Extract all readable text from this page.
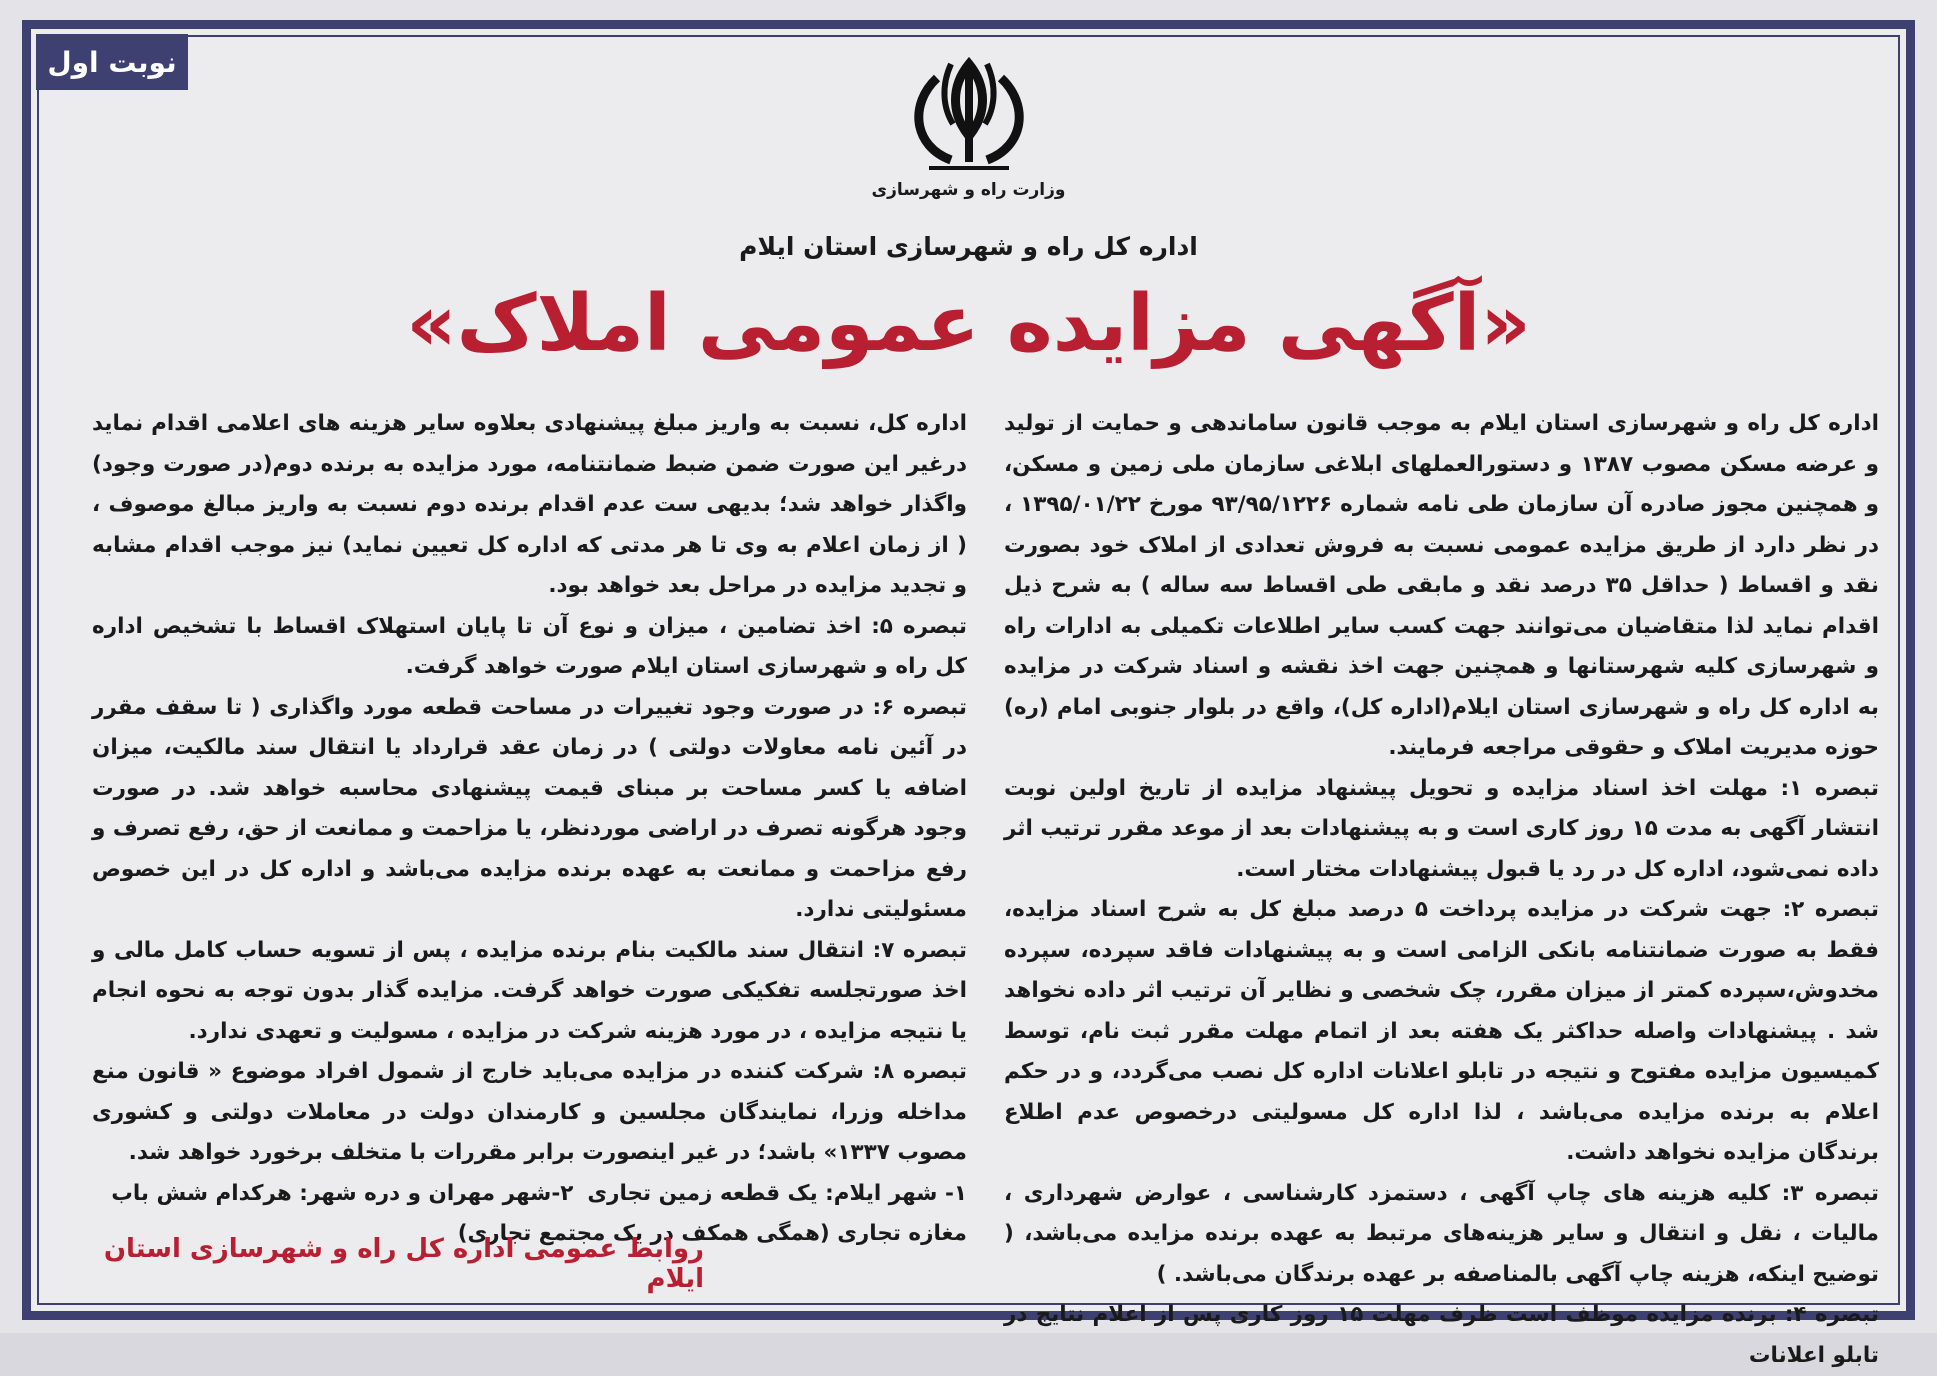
نوبت اول
وزارت راه و شهرسازی
اداره کل راه و شهرسازی استان ایلام
«آگهی مزایده عمومی املاک»

اداره کل راه و شهرسازی استان ایلام به موجب قانون ساماندهی و حمایت از تولید و عرضه مسکن مصوب ۱۳۸۷ و دستورالعملهای ابلاغی سازمان ملی زمین و مسکن، و همچنین مجوز صادره آن سازمان طی نامه شماره ۹۳/۹۵/۱۲۲۶ مورخ ۱۳۹۵/۰۱/۲۲ ، در نظر دارد از طریق مزایده عمومی نسبت به فروش تعدادی از املاک خود بصورت نقد و اقساط ( حداقل ۳۵ درصد نقد و مابقی طی اقساط سه ساله ) به شرح ذیل اقدام نماید لذا متقاضیان می‌توانند جهت کسب سایر اطلاعات تکمیلی به ادارات راه و شهرسازی کلیه شهرستانها و همچنین جهت اخذ نقشه و اسناد شرکت در مزایده به اداره کل راه و شهرسازی استان ایلام(اداره کل)، واقع در بلوار جنوبی امام (ره) حوزه مدیریت املاک و حقوقی مراجعه فرمایند.

تبصره ۱: مهلت اخذ اسناد مزایده و تحویل پیشنهاد مزایده از تاریخ اولین نوبت انتشار آگهی به مدت ۱۵ روز کاری است و به پیشنهادات بعد از موعد مقرر ترتیب اثر داده نمی‌شود، اداره کل در رد یا قبول پیشنهادات مختار است.

تبصره ۲: جهت شرکت در مزایده پرداخت ۵ درصد مبلغ کل به شرح اسناد مزایده، فقط به صورت ضمانتنامه بانکی الزامی است و به پیشنهادات فاقد سپرده، سپرده مخدوش،سپرده کمتر از میزان مقرر، چک شخصی و نظایر آن ترتیب اثر داده نخواهد شد . پیشنهادات واصله حداکثر یک هفته بعد از اتمام مهلت مقرر ثبت نام، توسط کمیسیون مزایده مفتوح و نتیجه در تابلو اعلانات اداره کل نصب می‌گردد، و در حکم اعلام به برنده مزایده می‌باشد ، لذا اداره کل مسولیتی درخصوص عدم اطلاع برندگان مزایده نخواهد داشت.

تبصره ۳: کلیه هزینه های چاپ آگهی ، دستمزد کارشناسی ، عوارض شهرداری ، مالیات ، نقل و انتقال و سایر هزینه‌های مرتبط به عهده برنده مزایده می‌باشد، ( توضیح اینکه، هزینه چاپ آگهی بالمناصفه بر عهده برندگان می‌باشد. )

تبصره ۴: برنده مزایده موظف است ظرف مهلت ۱۵ روز کاری پس از اعلام نتایج در تابلو اعلانات

اداره کل، نسبت به واریز مبلغ پیشنهادی بعلاوه سایر هزینه های اعلامی اقدام نماید درغیر این صورت ضمن ضبط ضمانتنامه، مورد مزایده به برنده دوم(در صورت وجود) واگذار خواهد شد؛ بدیهی ست عدم اقدام برنده دوم نسبت به واریز مبالغ موصوف ، ( از زمان اعلام به وی تا هر مدتی که اداره کل تعیین نماید) نیز موجب اقدام مشابه و تجدید مزایده در مراحل بعد خواهد بود.

تبصره ۵: اخذ تضامین ، میزان و نوع آن تا پایان استهلاک اقساط با تشخیص اداره کل راه و شهرسازی استان ایلام صورت خواهد گرفت.

تبصره ۶: در صورت وجود تغییرات در مساحت قطعه مورد واگذاری ( تا سقف مقرر در آئین نامه معاولات دولتی ) در زمان عقد قرارداد یا انتقال سند مالکیت، میزان اضافه یا کسر مساحت بر مبنای قیمت پیشنهادی محاسبه خواهد شد. در صورت وجود هرگونه تصرف در اراضی موردنظر، یا مزاحمت و ممانعت از حق، رفع تصرف و رفع مزاحمت و ممانعت به عهده برنده مزایده می‌باشد و اداره کل در این خصوص مسئولیتی ندارد.

تبصره ۷: انتقال سند مالکیت بنام برنده مزایده ، پس از تسویه حساب کامل مالی و اخذ صورتجلسه تفکیکی صورت خواهد گرفت. مزایده گذار بدون توجه به نحوه انجام یا نتیجه مزایده ، در مورد هزینه شرکت در مزایده ، مسولیت و تعهدی ندارد.

تبصره ۸: شرکت کننده در مزایده می‌باید خارج از شمول افراد موضوع « قانون منع مداخله وزرا، نمایندگان مجلسین و کارمندان دولت در معاملات دولتی و کشوری مصوب ۱۳۳۷» باشد؛ در غیر اینصورت برابر مقررات با متخلف برخورد خواهد شد.

۱- شهر ایلام: یک قطعه زمین تجاری
۲-شهر مهران و دره شهر: هرکدام شش باب

مغازه تجاری (همگی همکف در یک مجتمع تجاری)

روابط عمومی اداره کل راه و شهرسازی استان ایلام
